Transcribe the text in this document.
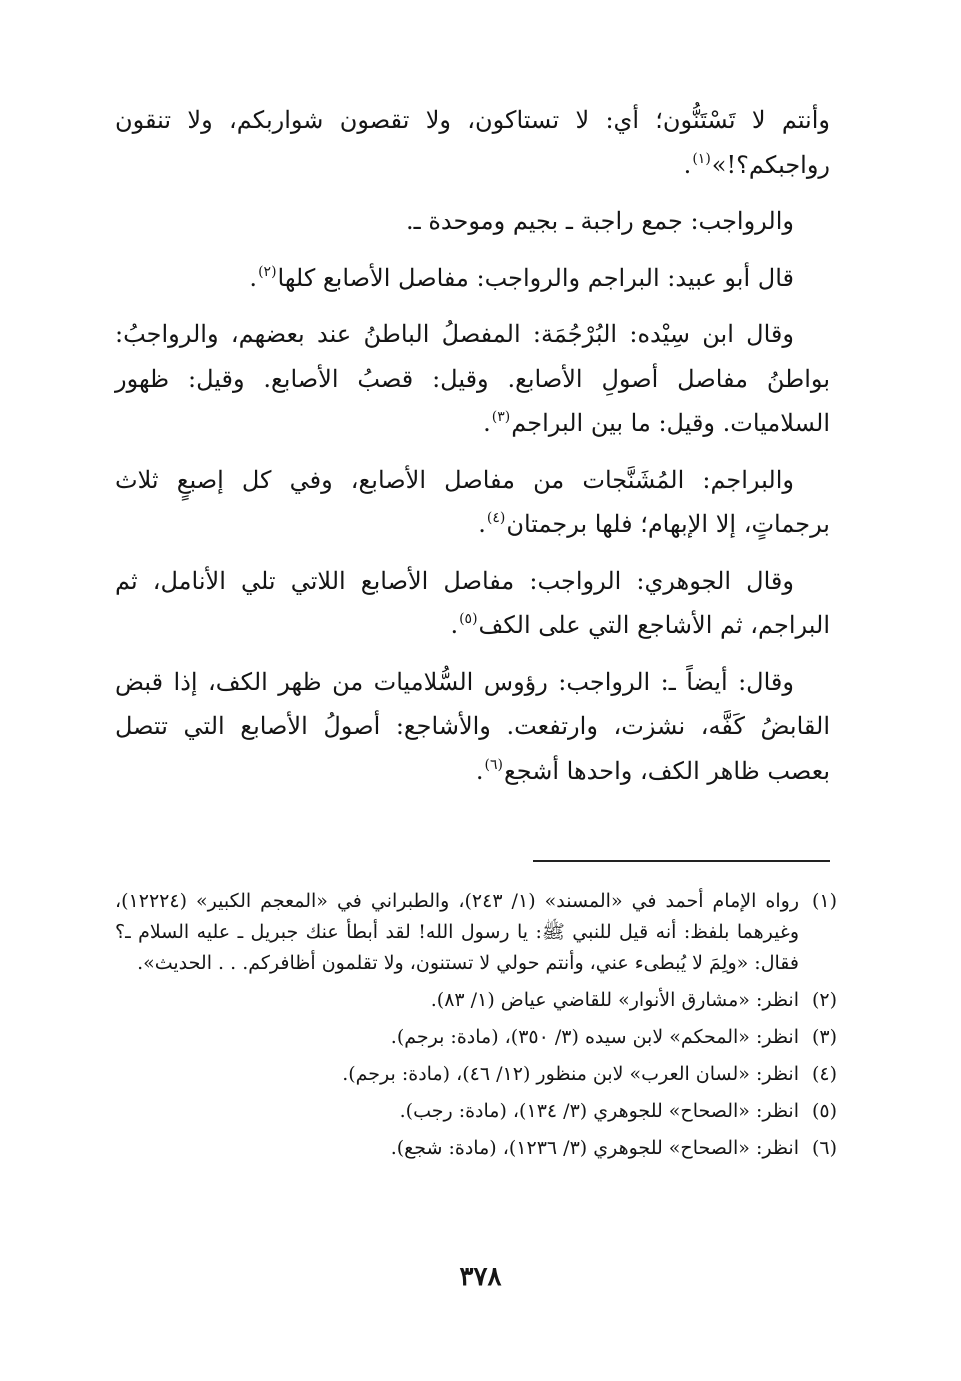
وأنتم لا تَسْتَنُّون؛ أي: لا تستاكون، ولا تقصون شواربكم، ولا تنقون رواجبكم؟!»$^{(١)}$.

والرواجب: جمع راجبة ـ بجيم وموحدة ـ.

قال أبو عبيد: البراجم والرواجب: مفاصل الأصابع كلها$^{(٢)}$.

وقال ابن سِيْده: البُرْجُمَة: المفصلُ الباطنُ عند بعضهم، والرواجبُ: بواطنُ مفاصل أصولِ الأصابع. وقيل: قصبُ الأصابع. وقيل: ظهور السلاميات. وقيل: ما بين البراجم$^{(٣)}$.

والبراجم: المُشَنَّجات من مفاصل الأصابع، وفي كل إصبعٍ ثلاث برجماتٍ، إلا الإبهام؛ فلها برجمتان$^{(٤)}$.

وقال الجوهري: الرواجب: مفاصل الأصابع اللاتي تلي الأنامل، ثم البراجم، ثم الأشاجع التي على الكف$^{(٥)}$.

وقال: أيضاً ـ: الرواجب: رؤوس السُّلاميات من ظهر الكف، إذا قبض القابضُ كَفَّه، نشزت، وارتفعت. والأشاجع: أصولُ الأصابع التي تتصل بعصب ظاهر الكف، واحدها أشجع$^{(٦)}$.

(١)
رواه الإمام أحمد في «المسند» (١/ ٢٤٣)، والطبراني في «المعجم الكبير» (١٢٢٢٤)، وغيرهما بلفظ: أنه قيل للنبي ﷺ: يا رسول الله! لقد أبطأ عنك جبريل ـ عليه السلام ـ؟ فقال: «ولِمَ لا يُبطىء عني، وأنتم حولي لا تستنون، ولا تقلمون أظافركم. . . الحديث».
(٢)
انظر: «مشارق الأنوار» للقاضي عياض (١/ ٨٣).
(٣)
انظر: «المحكم» لابن سيده (٣/ ٣٥٠)، (مادة: برجم).
(٤)
انظر: «لسان العرب» لابن منظور (١٢/ ٤٦)، (مادة: برجم).
(٥)
انظر: «الصحاح» للجوهري (٣/ ١٣٤)، (مادة: رجب).
(٦)
انظر: «الصحاح» للجوهري (٣/ ١٢٣٦)، (مادة: شجع).
٣٧٨
